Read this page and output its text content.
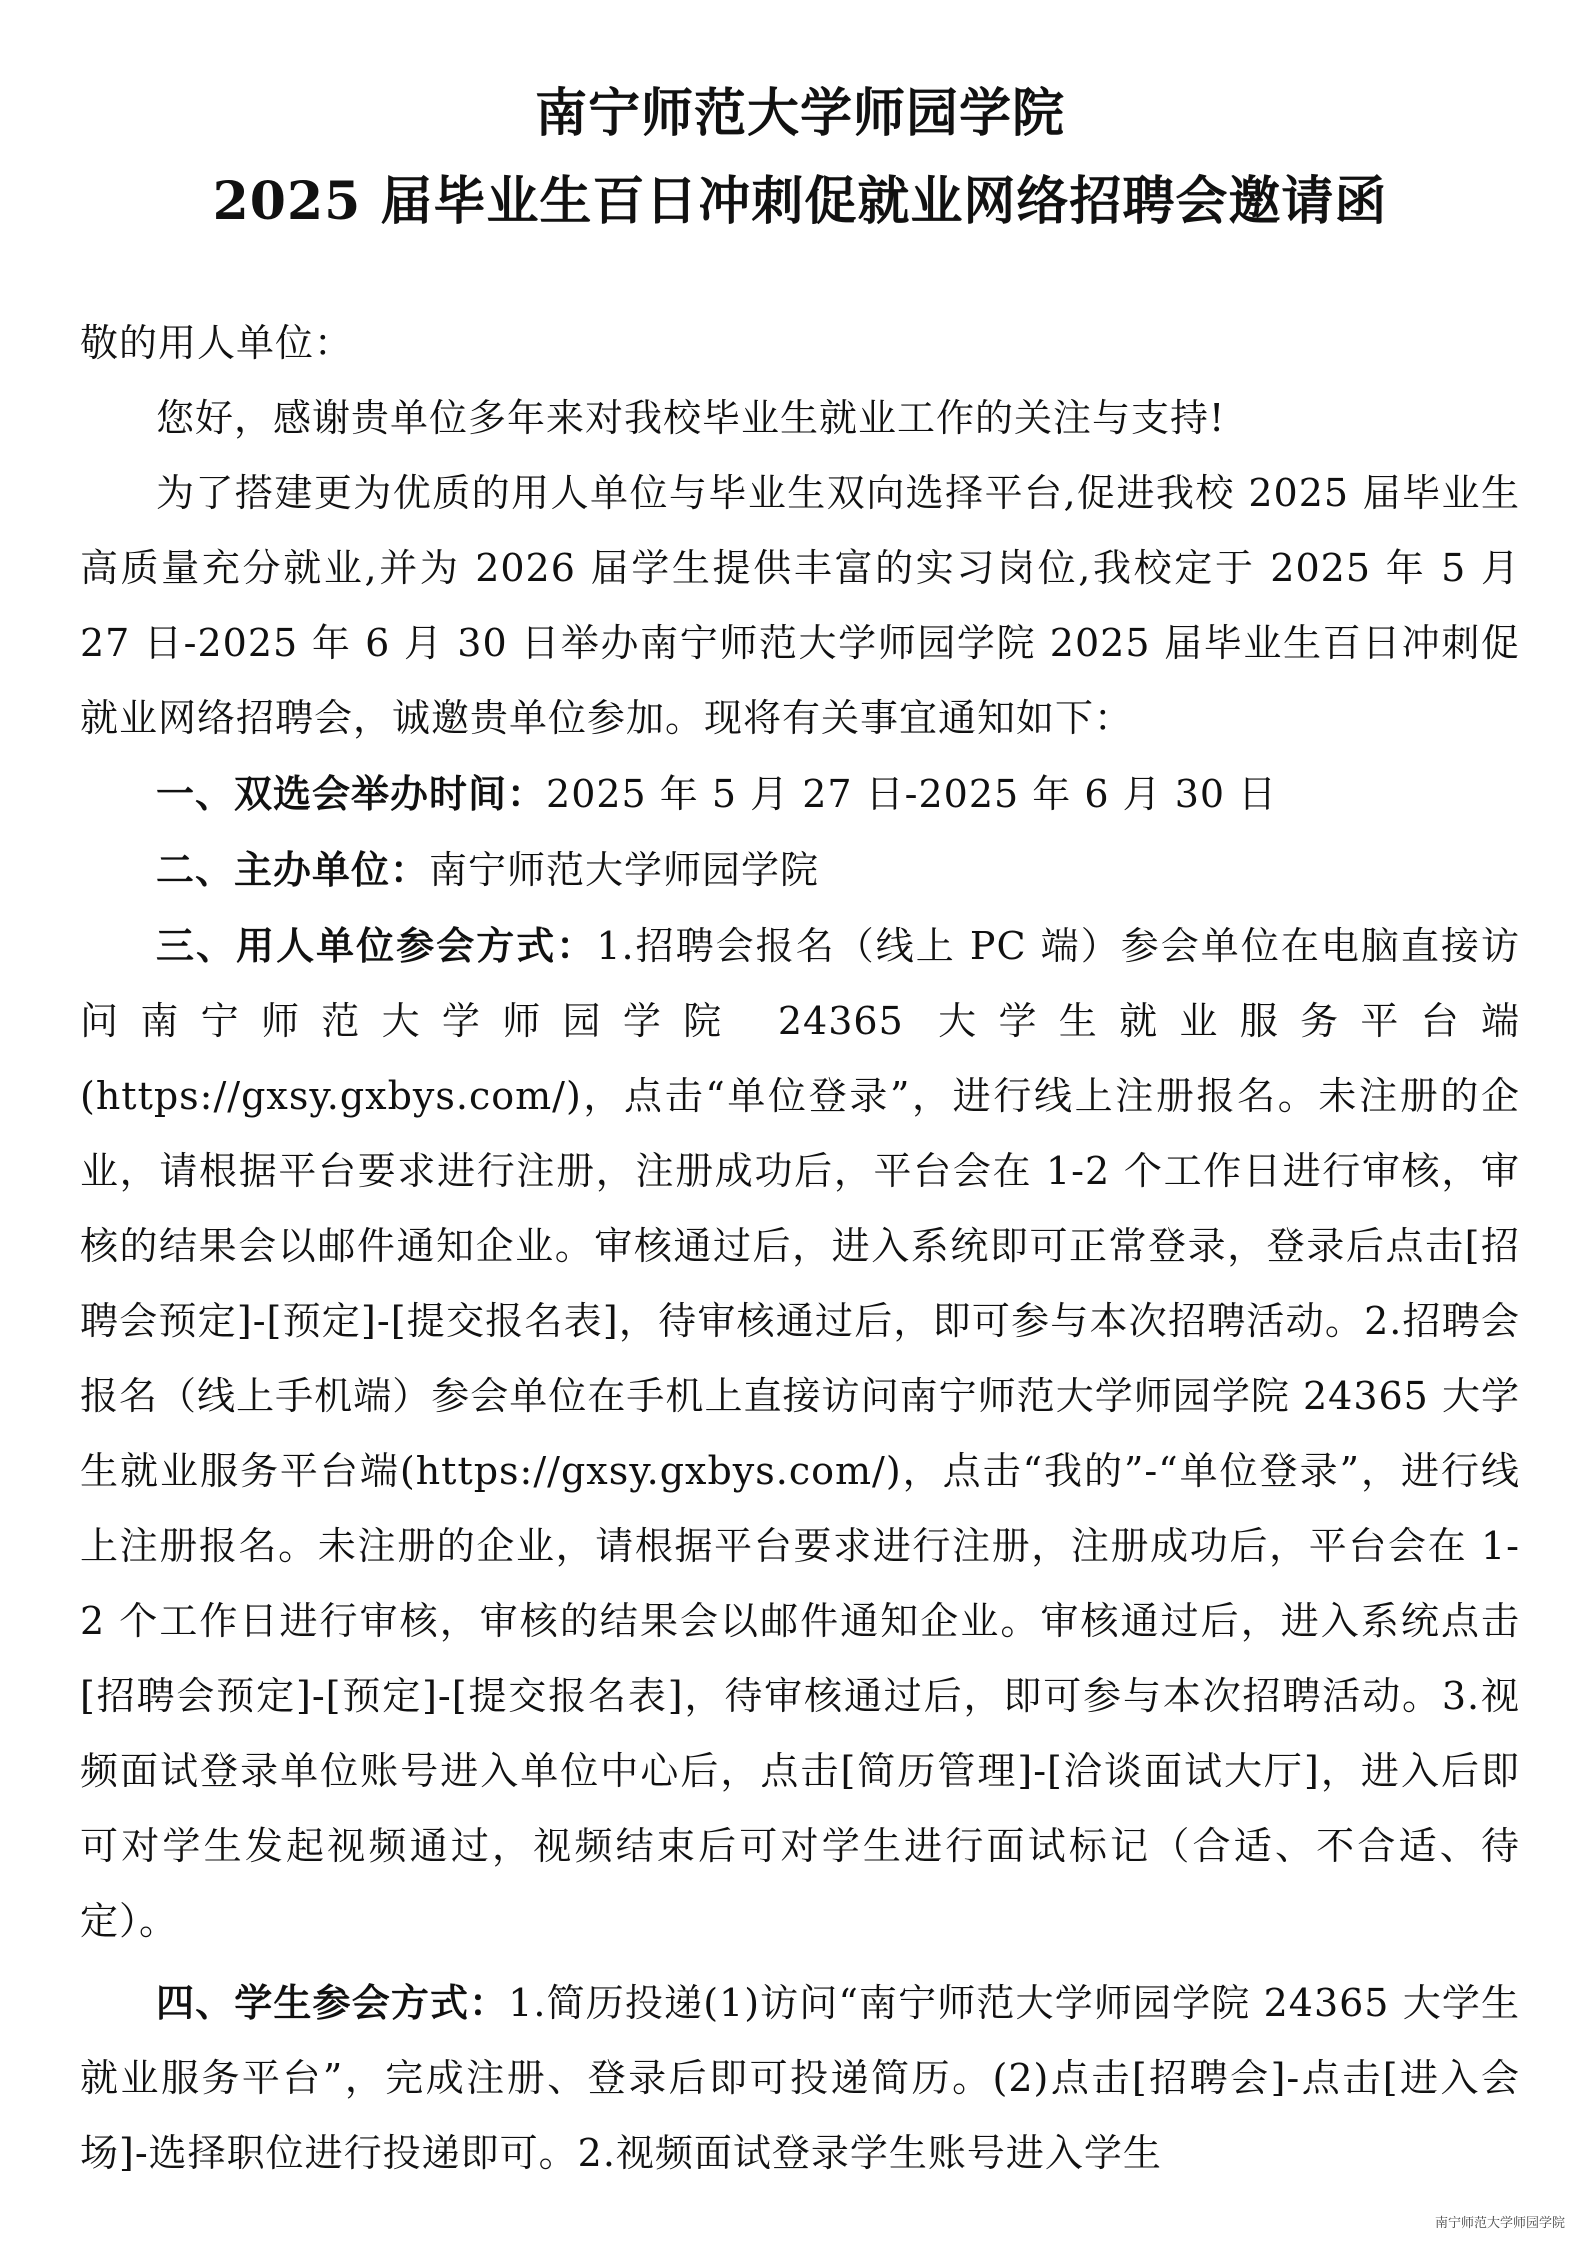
南宁师范大学师园学院
2025 届毕业生百日冲刺促就业网络招聘会邀请函

敬的用人单位：

您好，感谢贵单位多年来对我校毕业生就业工作的关注与支持!

为了搭建更为优质的用人单位与毕业生双向选择平台,促进我校 2025 届毕业生高质量充分就业,并为 2026 届学生提供丰富的实习岗位,我校定于 2025 年 5 月 27 日-2025 年 6 月 30 日举办南宁师范大学师园学院 2025 届毕业生百日冲刺促就业网络招聘会，诚邀贵单位参加。现将有关事宜通知如下：

一、双选会举办时间：2025 年 5 月 27 日-2025 年 6 月 30 日

二、主办单位：南宁师范大学师园学院

三、用人单位参会方式：1.招聘会报名（线上 PC 端）参会单位在电脑直接访问南宁师范大学师园学院 24365 大学生就业服务平台端(https://gxsy.gxbys.com/)，点击“单位登录”，进行线上注册报名。未注册的企业，请根据平台要求进行注册，注册成功后，平台会在 1-2 个工作日进行审核，审核的结果会以邮件通知企业。审核通过后，进入系统即可正常登录，登录后点击[招聘会预定]-[预定]-[提交报名表]，待审核通过后，即可参与本次招聘活动。2.招聘会报名（线上手机端）参会单位在手机上直接访问南宁师范大学师园学院 24365 大学生就业服务平台端(https://gxsy.gxbys.com/)，点击“我的”-“单位登录”，进行线上注册报名。未注册的企业，请根据平台要求进行注册，注册成功后，平台会在 1-2 个工作日进行审核，审核的结果会以邮件通知企业。审核通过后，进入系统点击[招聘会预定]-[预定]-[提交报名表]，待审核通过后，即可参与本次招聘活动。3.视频面试登录单位账号进入单位中心后，点击[简历管理]-[洽谈面试大厅]，进入后即可对学生发起视频通过，视频结束后可对学生进行面试标记（合适、不合适、待定）。

四、学生参会方式：1.简历投递(1)访问“南宁师范大学师园学院 24365 大学生就业服务平台”，完成注册、登录后即可投递简历。(2)点击[招聘会]-点击[进入会场]-选择职位进行投递即可。2.视频面试登录学生账号进入学生

南宁师范大学师园学院
